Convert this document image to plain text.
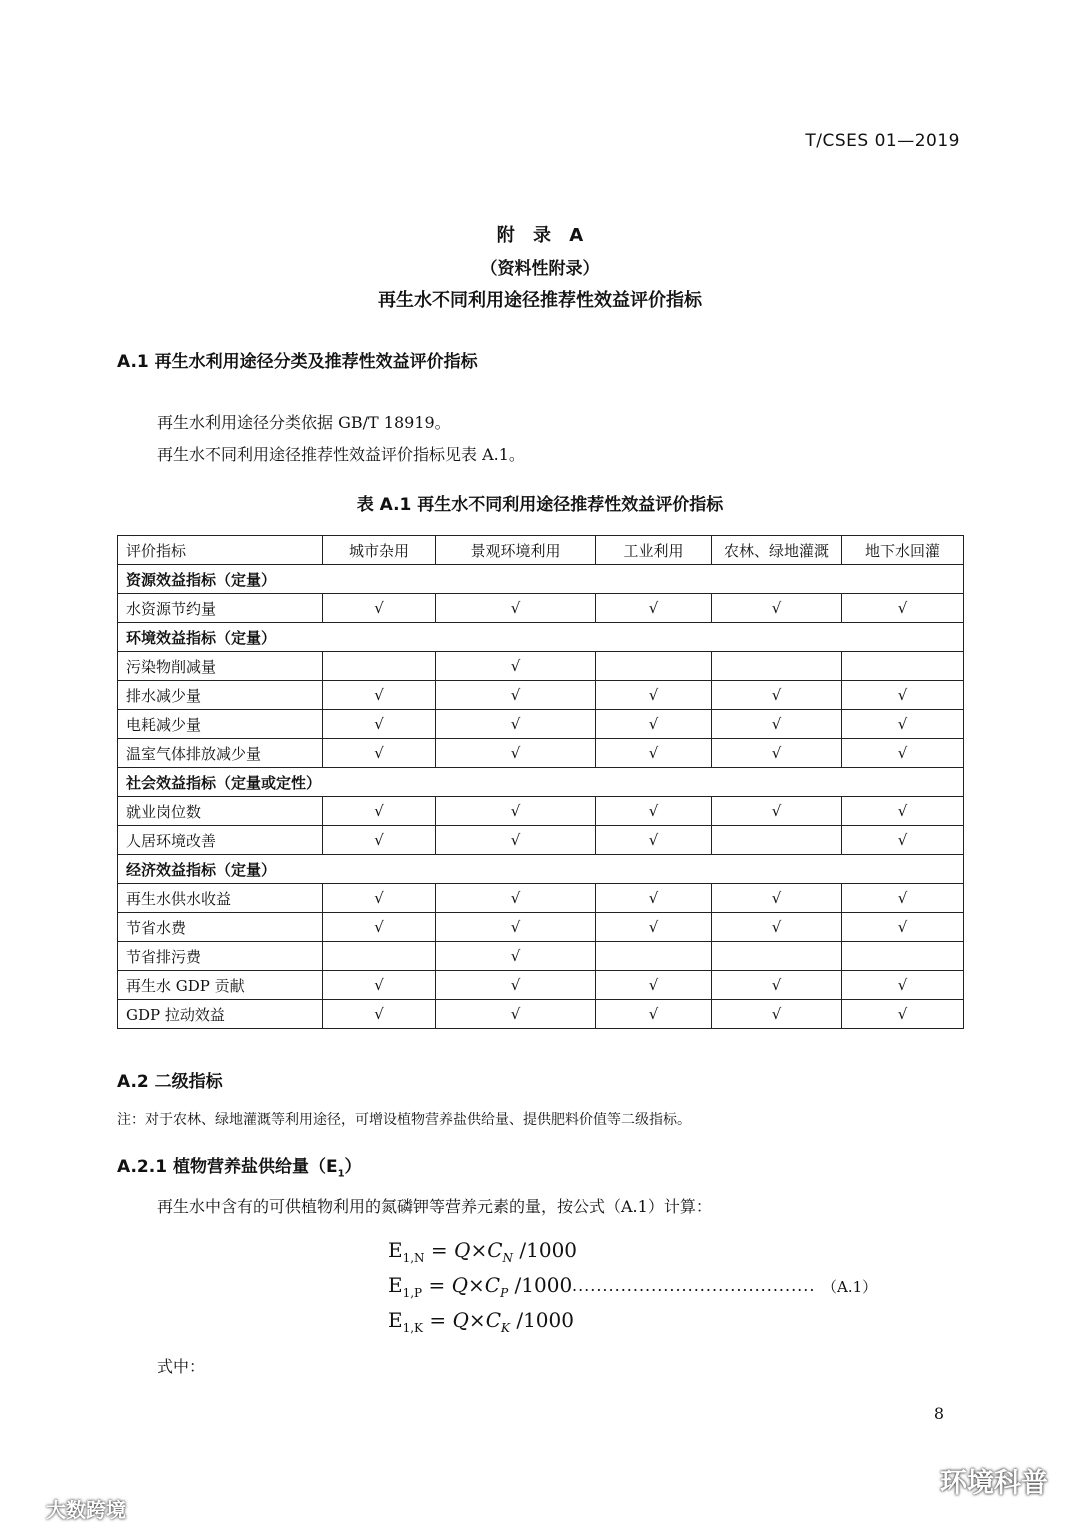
T/CSES 01—2019
附 录 A
（资料性附录）
再生水不同利用途径推荐性效益评价指标
A.1 再生水利用途径分类及推荐性效益评价指标
再生水利用途径分类依据 GB/T 18919。
再生水不同利用途径推荐性效益评价指标见表 A.1。
表 A.1 再生水不同利用途径推荐性效益评价指标
评价指标	城市杂用	景观环境利用	工业利用	农林、绿地灌溉	地下水回灌
资源效益指标（定量）					
水资源节约量	√	√	√	√	√
环境效益指标（定量）					
污染物削减量		√			
排水减少量	√	√	√	√	√
电耗减少量	√	√	√	√	√
温室气体排放减少量	√	√	√	√	√
社会效益指标（定量或定性）					
就业岗位数	√	√	√	√	√
人居环境改善	√	√	√		√
经济效益指标（定量）					
再生水供水收益	√	√	√	√	√
节省水费	√	√	√	√	√
节省排污费		√			
再生水 GDP 贡献	√	√	√	√	√
GDP 拉动效益	√	√	√	√	√
A.2 二级指标
注：对于农林、绿地灌溉等利用途径，可增设植物营养盐供给量、提供肥料价值等二级指标。
A.2.1 植物营养盐供给量$(E_1)$
再生水中含有的可供植物利用的氮磷钾等营养元素的量，按公式（A.1）计算：
$E_{1,N} = Q\times C_N$ /1000
$E_{1,P} = Q\times C_P$ /1000
$E_{1,K} = Q\times C_K$ /1000
........................................ （A.1）
式中：
8
大数跨境
环境科普
